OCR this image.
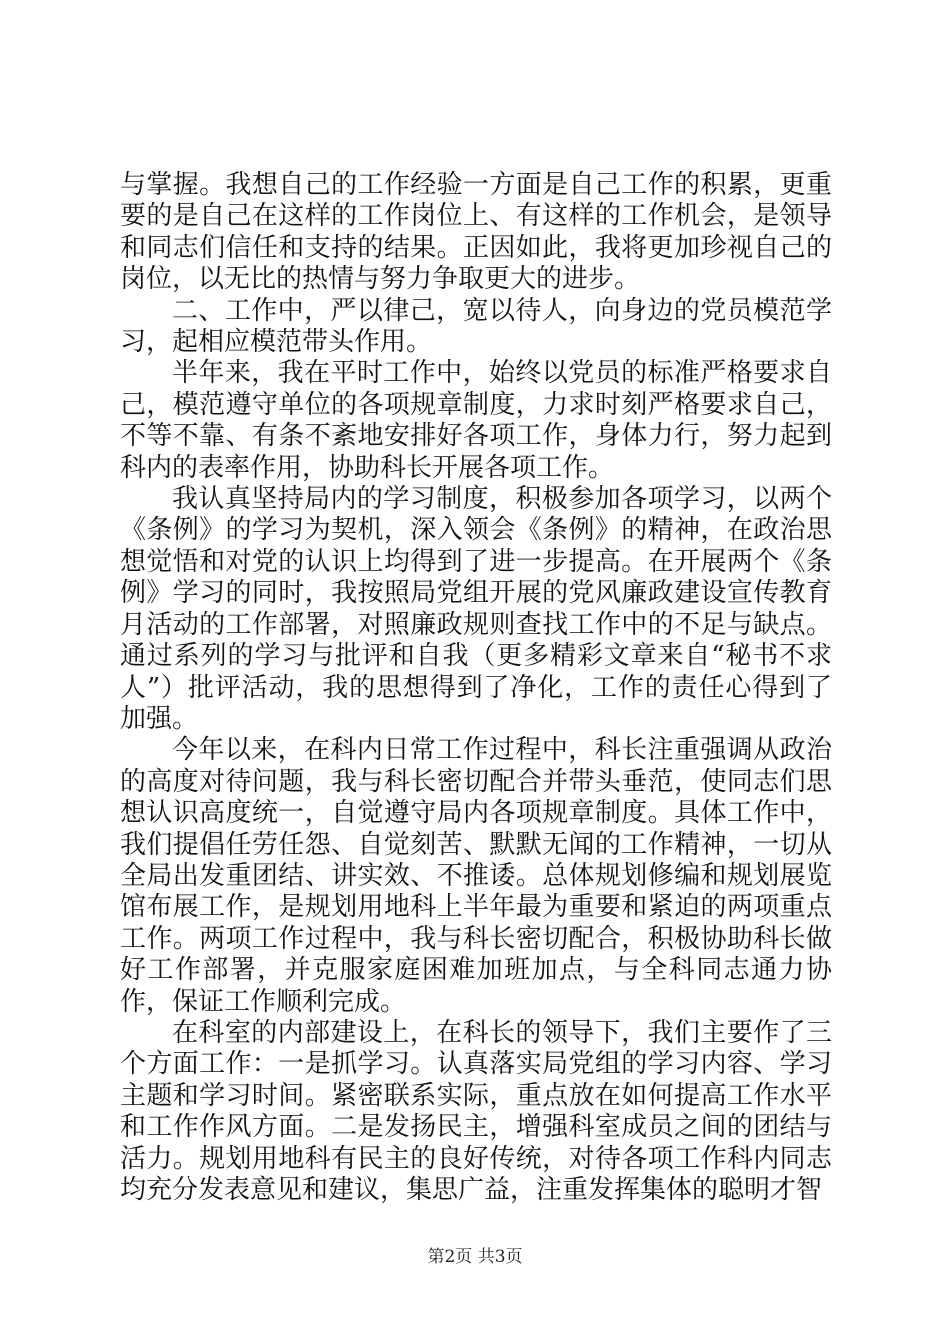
与掌握。我想自己的工作经验一方面是自己工作的积累，更重要的是自己在这样的工作岗位上、有这样的工作机会，是领导和同志们信任和支持的结果。正因如此，我将更加珍视自己的岗位，以无比的热情与努力争取更大的进步。

二、工作中，严以律己，宽以待人，向身边的党员模范学习，起相应模范带头作用。

半年来，我在平时工作中，始终以党员的标准严格要求自己，模范遵守单位的各项规章制度，力求时刻严格要求自己，不等不靠、有条不紊地安排好各项工作，身体力行，努力起到科内的表率作用，协助科长开展各项工作。

我认真坚持局内的学习制度，积极参加各项学习，以两个《条例》的学习为契机，深入领会《条例》的精神，在政治思想觉悟和对党的认识上均得到了进一步提高。在开展两个《条例》学习的同时，我按照局党组开展的党风廉政建设宣传教育月活动的工作部署，对照廉政规则查找工作中的不足与缺点。通过系列的学习与批评和自我（更多精彩文章来自“秘书不求人”）批评活动，我的思想得到了净化，工作的责任心得到了加强。

今年以来，在科内日常工作过程中，科长注重强调从政治的高度对待问题，我与科长密切配合并带头垂范，使同志们思想认识高度统一，自觉遵守局内各项规章制度。具体工作中，我们提倡任劳任怨、自觉刻苦、默默无闻的工作精神，一切从全局出发重团结、讲实效、不推诿。总体规划修编和规划展览馆布展工作，是规划用地科上半年最为重要和紧迫的两项重点工作。两项工作过程中，我与科长密切配合，积极协助科长做好工作部署，并克服家庭困难加班加点，与全科同志通力协作，保证工作顺利完成。

在科室的内部建设上，在科长的领导下，我们主要作了三个方面工作：一是抓学习。认真落实局党组的学习内容、学习主题和学习时间。紧密联系实际，重点放在如何提高工作水平和工作作风方面。二是发扬民主，增强科室成员之间的团结与活力。规划用地科有民主的良好传统，对待各项工作科内同志均充分发表意见和建议，集思广益，注重发挥集体的聪明才智

第2页 共3页
